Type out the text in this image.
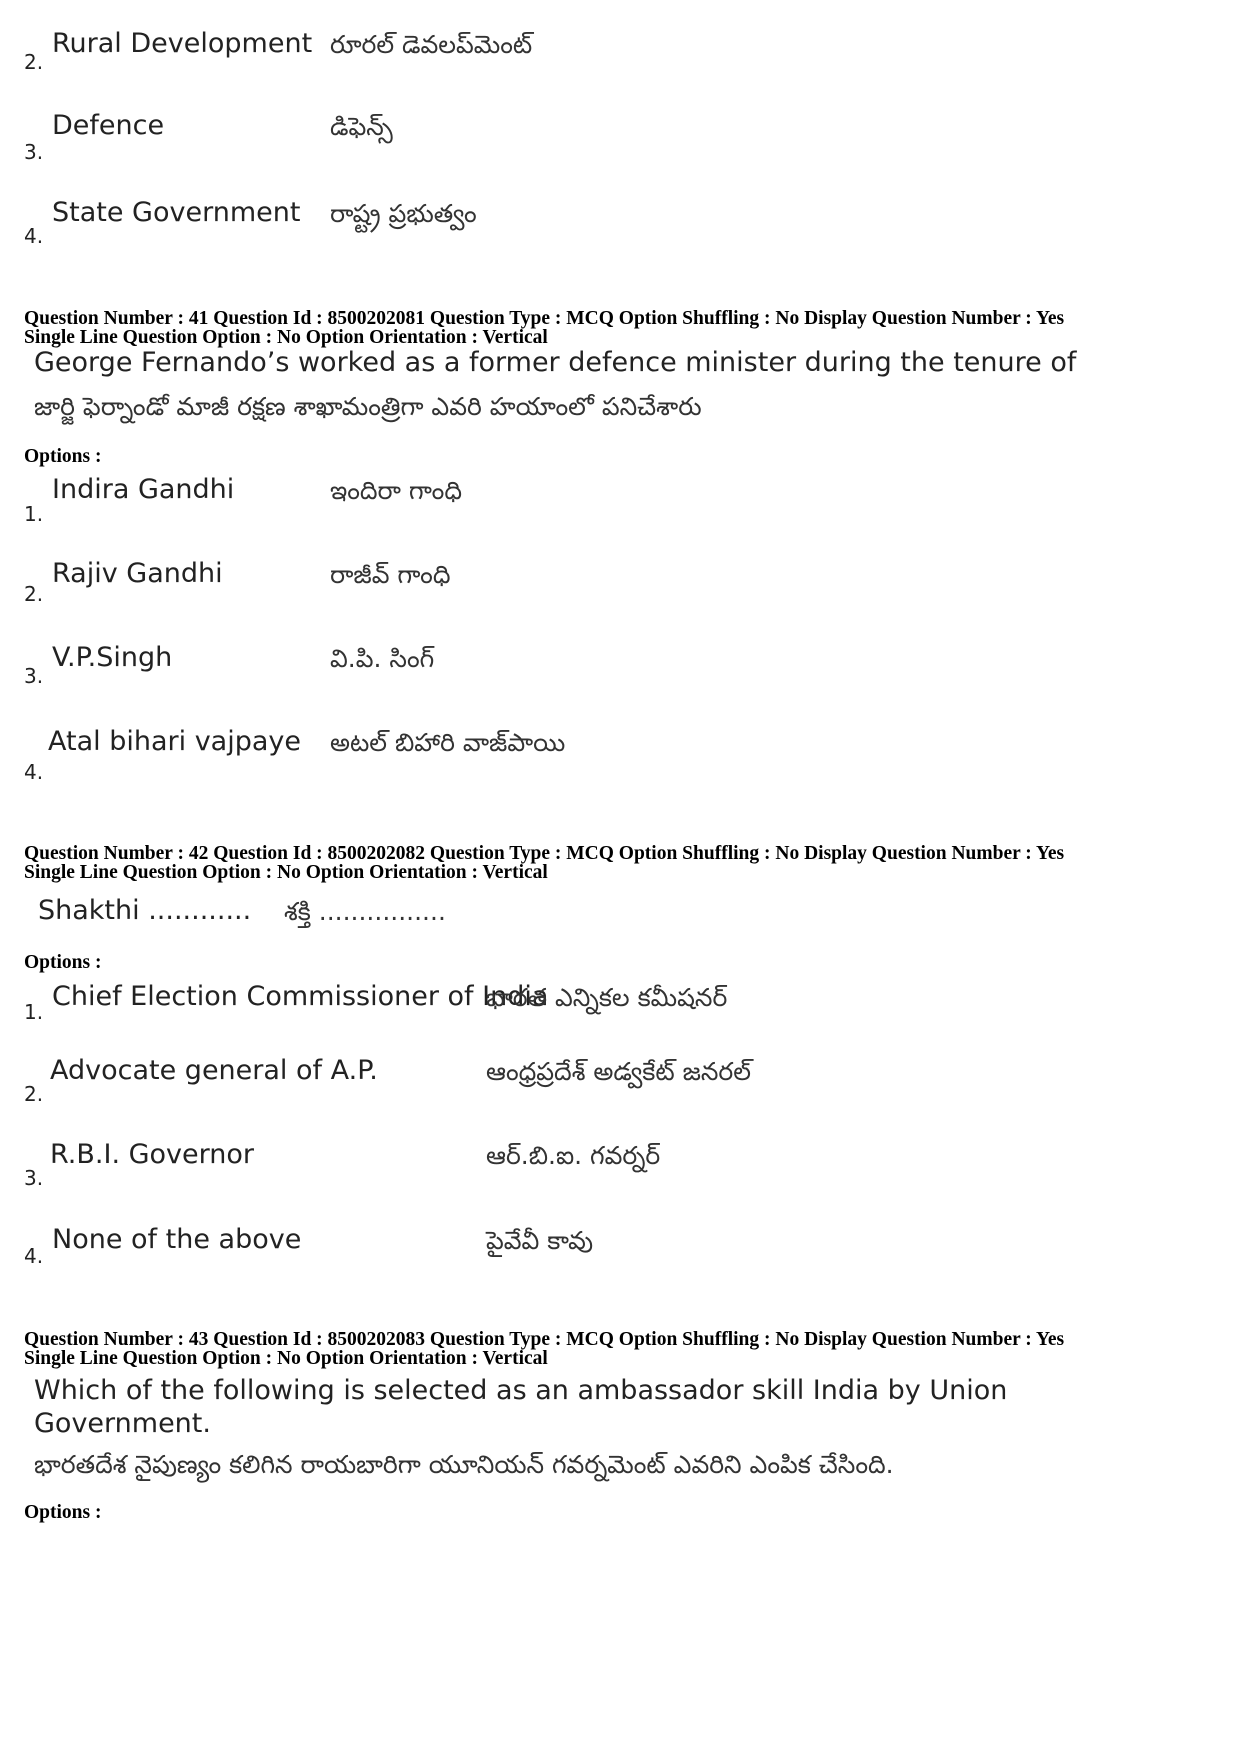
2.
Rural Development రూరల్ డెవలప్‌మెంట్
3.
Defence	డిఫెన్స్
4.
State Government రాష్ట్ర ప్రభుత్వం
Question Number : 41 Question Id : 8500202081 Question Type : MCQ Option Shuffling : No Display Question Number : Yes
Single Line Question Option : No Option Orientation : Vertical
George Fernando’s worked as a former defence minister during the tenure of
జార్జి ఫెర్నాండో మాజీ రక్షణ శాఖామంత్రిగా ఎవరి హయాంలో పనిచేశారు
Options :
1.
Indira Gandhi	ఇందిరా గాంధి
2.
Rajiv Gandhi	రాజీవ్ గాంధి
3.
V.P.Singh	వి.పి. సింగ్
4.
Atal bihari vajpaye అటల్ బిహారి వాజ్‌పాయి
Question Number : 42 Question Id : 8500202082 Question Type : MCQ Option Shuffling : No Display Question Number : Yes
Single Line Question Option : No Option Orientation : Vertical
Shakthi ............ శక్తి ................
Options :
1. Chief Election Commissioner of India
భారత ఎన్నికల కమీషనర్
2.
Advocate general of A.P.	ఆంధ్రప్రదేశ్ అడ్వకేట్ జనరల్
3.
R.B.I. Governor	ఆర్.బి.ఐ. గవర్నర్
4.
None of the above	పైవేవీ కావు
Question Number : 43 Question Id : 8500202083 Question Type : MCQ Option Shuffling : No Display Question Number : Yes
Single Line Question Option : No Option Orientation : Vertical
Which of the following is selected as an ambassador skill India by Union
Government.
భారతదేశ నైపుణ్యం కలిగిన రాయబారిగా యూనియన్ గవర్నమెంట్ ఎవరిని ఎంపిక చేసింది.
Options :
